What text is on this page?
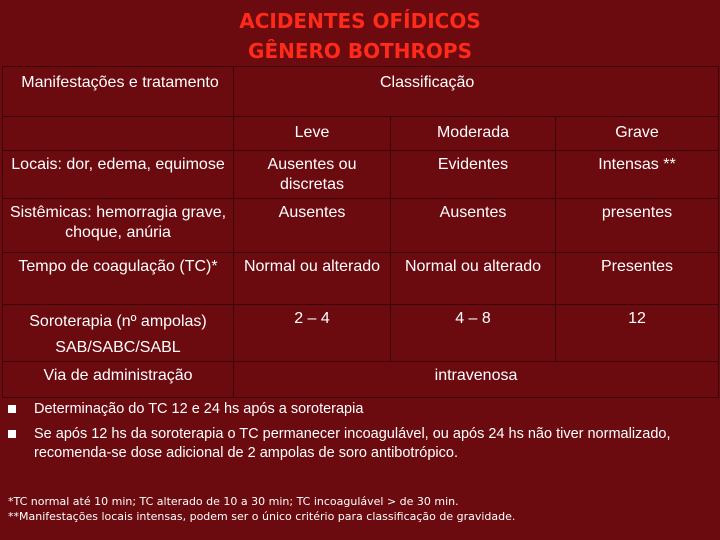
ACIDENTES OFÍDICOS
GÊNERO BOTHROPS
Manifestações e tratamento	Classificação		
	Leve	Moderada	Grave
Locais: dor, edema, equimose	Ausentes ou discretas	Evidentes	Intensas **
Sistêmicas: hemorragia grave, choque, anúria	Ausentes	Ausentes	presentes
Tempo de coagulação (TC)*	Normal ou alterado	Normal ou alterado	Presentes
Soroterapia (nº ampolas) SAB/SABC/SABL	2 – 4	4 – 8	12
Via de administração	intravenosa		
Determinação do TC 12 e 24 hs após a soroterapia
Se após 12 hs da soroterapia o TC permanecer incoagulável, ou após 24 hs não tiver normalizado, recomenda-se dose adicional de 2 ampolas de soro antibotrópico.
*TC normal até 10 min; TC alterado de 10 a 30 min; TC incoagulável > de 30 min.
**Manifestações locais intensas, podem ser o único critério para classificação de gravidade.
